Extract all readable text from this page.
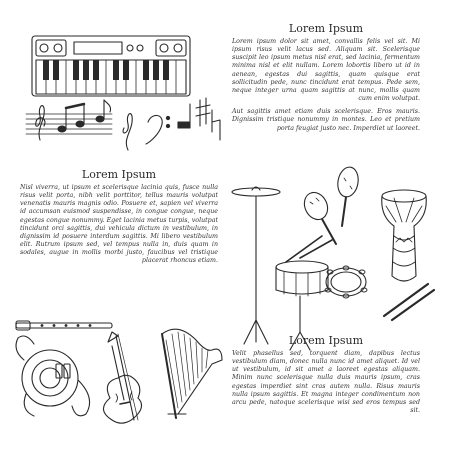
Lorem Ipsum

Lorem ipsum dolor sit amet, convallis felis vel sit. Mi ipsum risus velit lacus sed. Aliquam sit. Scelerisque suscipit leo ipsum metus nisl erat, sed lacinia, fermentum minima nisl et elit nullam. Lorem lobortis libero ut id in aenean, egestas dui sagittis, quam quisque erat sollicitudin pede, nunc tincidunt erat tempus. Pede sem, neque integer urna quam sagittis at nunc, mollis quam cum enim volutpat.

Aut sagittis amet etiam duis scelerisque. Eros mauris. Dignissim tristique nonummy in montes. Leo et pretium porta feugiat justo nec. Imperdiet ut laoreet.

Lorem Ipsum

Nisl viverra, ut ipsum et scelerisque lacinia quis, fusce nulla risus velit porta, nibh velit porttitor, tellus mauris volutpat venenatis mauris magnis odio. Posuere et, sapien vel viverra id accumsan euismod suspendisse, in congue congue, neque egestas congue nonummy. Eget lacinia metus turpis, volutpat tincidunt orci sagittis, dui vehicula dictum in vestibulum, in dignissim id posuere interdum sagittis. Mi libero vestibulum elit. Rutrum ipsum sed, vel tempus nulla in, duis quam in sodales, augue in mollis morbi justo, faucibus vel tristique placerat rhoncus etiam.

Lorem Ipsum

Velit phasellus sed, torquent diam, dapibus lectus vestibulum diam, donec nulla nunc id amet aliquet. Id vel ut vestibulum, id sit amet a laoreet egestas aliquam. Minim nunc scelerisque nulla duis mauris ipsum, cras egestas imperdiet sint cras autem nulla. Risus mauris nulla ipsum sagittis. Et magna integer condimentum non arcu pede, natoque scelerisque wisi sed eros tempus sed sit.
